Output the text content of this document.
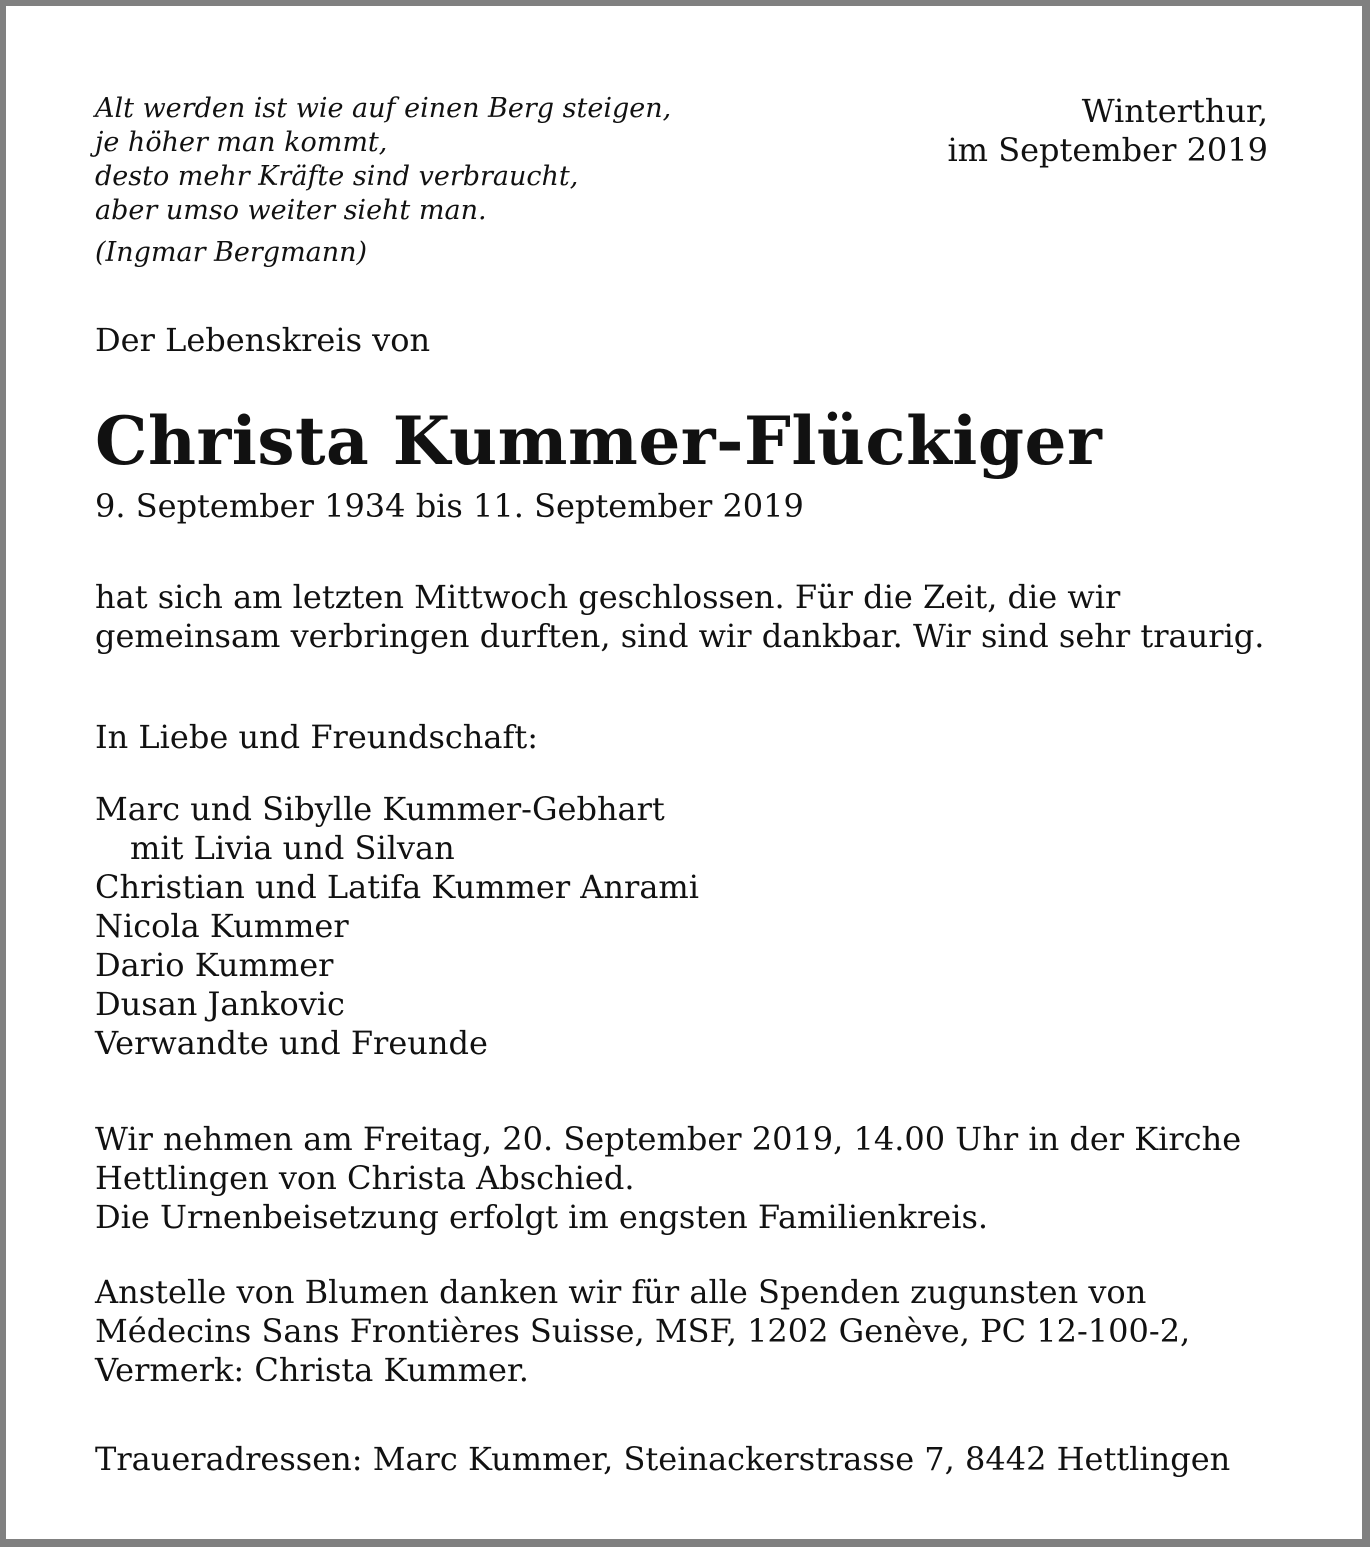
Alt werden ist wie auf einen Berg steigen,
je höher man kommt,
desto mehr Kräfte sind verbraucht,
aber umso weiter sieht man.
(Ingmar Bergmann)
Winterthur,
im September 2019
Der Lebenskreis von
Christa Kummer-Flückiger
9. September 1934 bis 11. September 2019
hat sich am letzten Mittwoch geschlossen. Für die Zeit, die wir
gemeinsam verbringen durften, sind wir dankbar. Wir sind sehr traurig.
In Liebe und Freundschaft:
Marc und Sibylle Kummer-Gebhart
mit Livia und Silvan
Christian und Latifa Kummer Anrami
Nicola Kummer
Dario Kummer
Dusan Jankovic
Verwandte und Freunde
Wir nehmen am Freitag, 20. September 2019, 14.00 Uhr in der Kirche
Hettlingen von Christa Abschied.
Die Urnenbeisetzung erfolgt im engsten Familienkreis.
Anstelle von Blumen danken wir für alle Spenden zugunsten von
Médecins Sans Frontières Suisse, MSF, 1202 Genève, PC 12-100-2,
Vermerk: Christa Kummer.
Traueradressen: Marc Kummer, Steinackerstrasse 7, 8442 Hettlingen
